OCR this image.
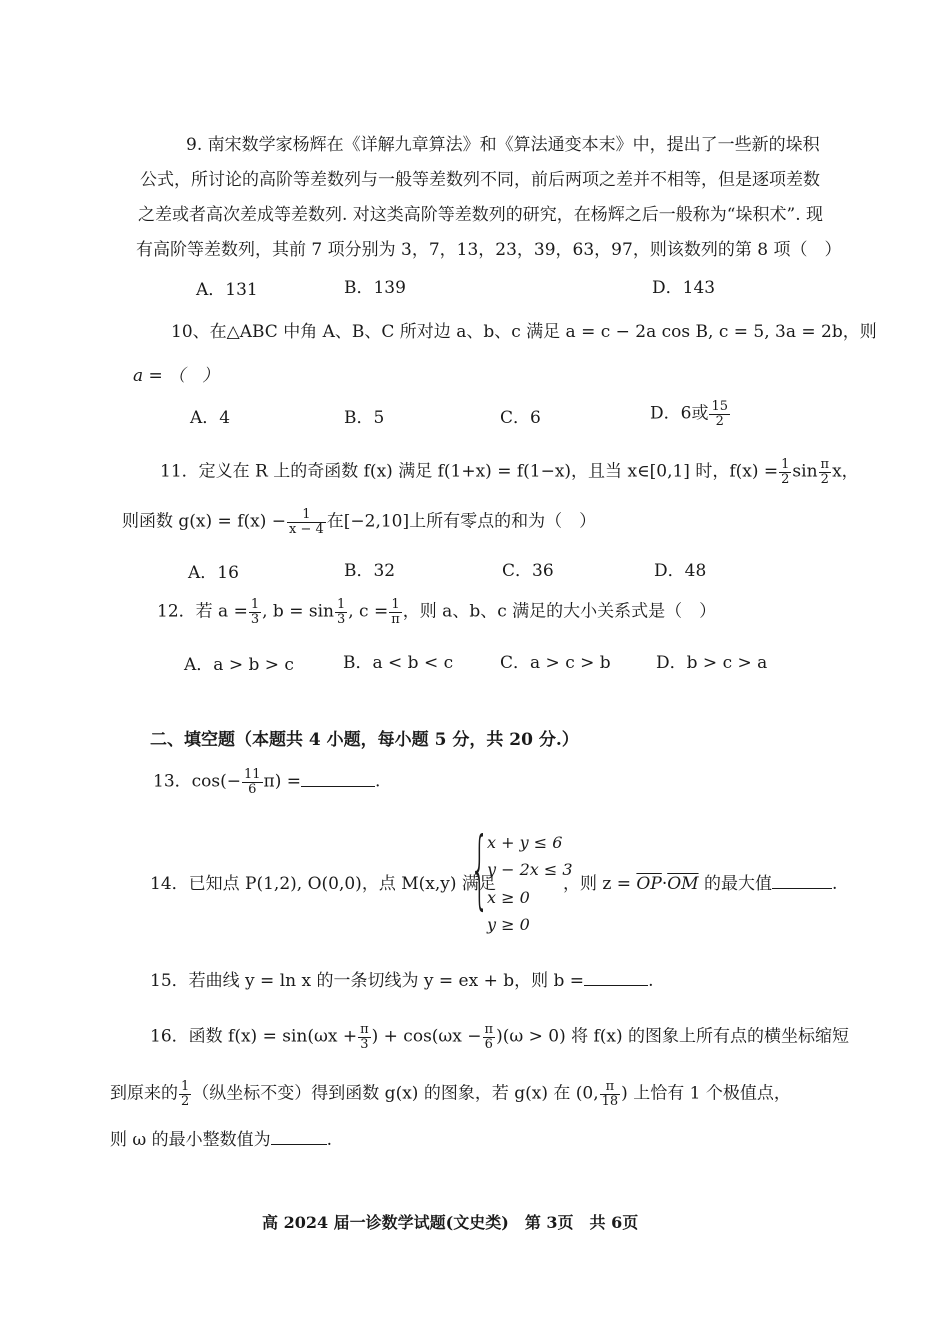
9. 南宋数学家杨辉在《详解九章算法》和《算法通变本末》中，提出了一些新的垛积
公式，所讨论的高阶等差数列与一般等差数列不同，前后两项之差并不相等，但是逐项差数
之差或者高次差成等差数列. 对这类高阶等差数列的研究，在杨辉之后一般称为“垛积术”. 现
有高阶等差数列，其前 7 项分别为 3，7，13，23，39，63，97，则该数列的第 8 项（　）
A．131	B．139	D．143
10、在△ABC 中角 A、B、C 所对边 a、b、c 满足 a = c − 2a cos B, c = 5, 3a = 2b，则
a = （　）
A．4	B．5	C．6	D．6或 $\frac{15}{2}$
11．定义在 R 上的奇函数 f(x) 满足 f(1+x) = f(1−x)，且当 x∈[0,1] 时，$f(x) = \frac{1}{2}$ $\sin \frac{\pi}{2}$ x，
则函数 $g(x) = f(x) - \frac{1}{x - 4}$ 在[−2,10]上所有零点的和为（　）
A．16	B．32	C．36	D．48
12．若 $a = \frac{1}{3}$ , $b = \sin \frac{1}{3}$ , $c = \frac{1}{\pi}$ ，则 a、b、c 满足的大小关系式是（　）
A．a > b > c	B．a < b < c	C．a > c > b	D．b > c > a
二、填空题（本题共 4 小题，每小题 5 分，共 20 分.）
13．$\cos(- \frac{11}{6} \pi)$ =	.
14．已知点 P(1,2), O(0,0)，点 M(x,y) 满足
{
x + y ≤ 6
y − 2x ≤ 3
x ≥ 0
y ≥ 0
，则 $z = \overline{OP}\cdot\overline{OM}$ 的最大值	.
15．若曲线 y = ln x 的一条切线为 y = ex + b，则 b =	.
16．函数 $f(x) = \sin(\omega x + \frac{\pi}{3}$ ) + $\cos(\omega x - \frac{\pi}{6} )(\omega > 0)$ 将 f(x) 的图象上所有点的横坐标缩短
到原来的 $\frac{1}{2}$ （纵坐标不变）得到函数 g(x) 的图象，若 g(x) 在 (0, $\frac{\pi}{18}$ ) 上恰有 1 个极值点，
则 ω 的最小整数值为	.
高 2024 届一诊数学试题(文史类)　第 3页　共 6页
